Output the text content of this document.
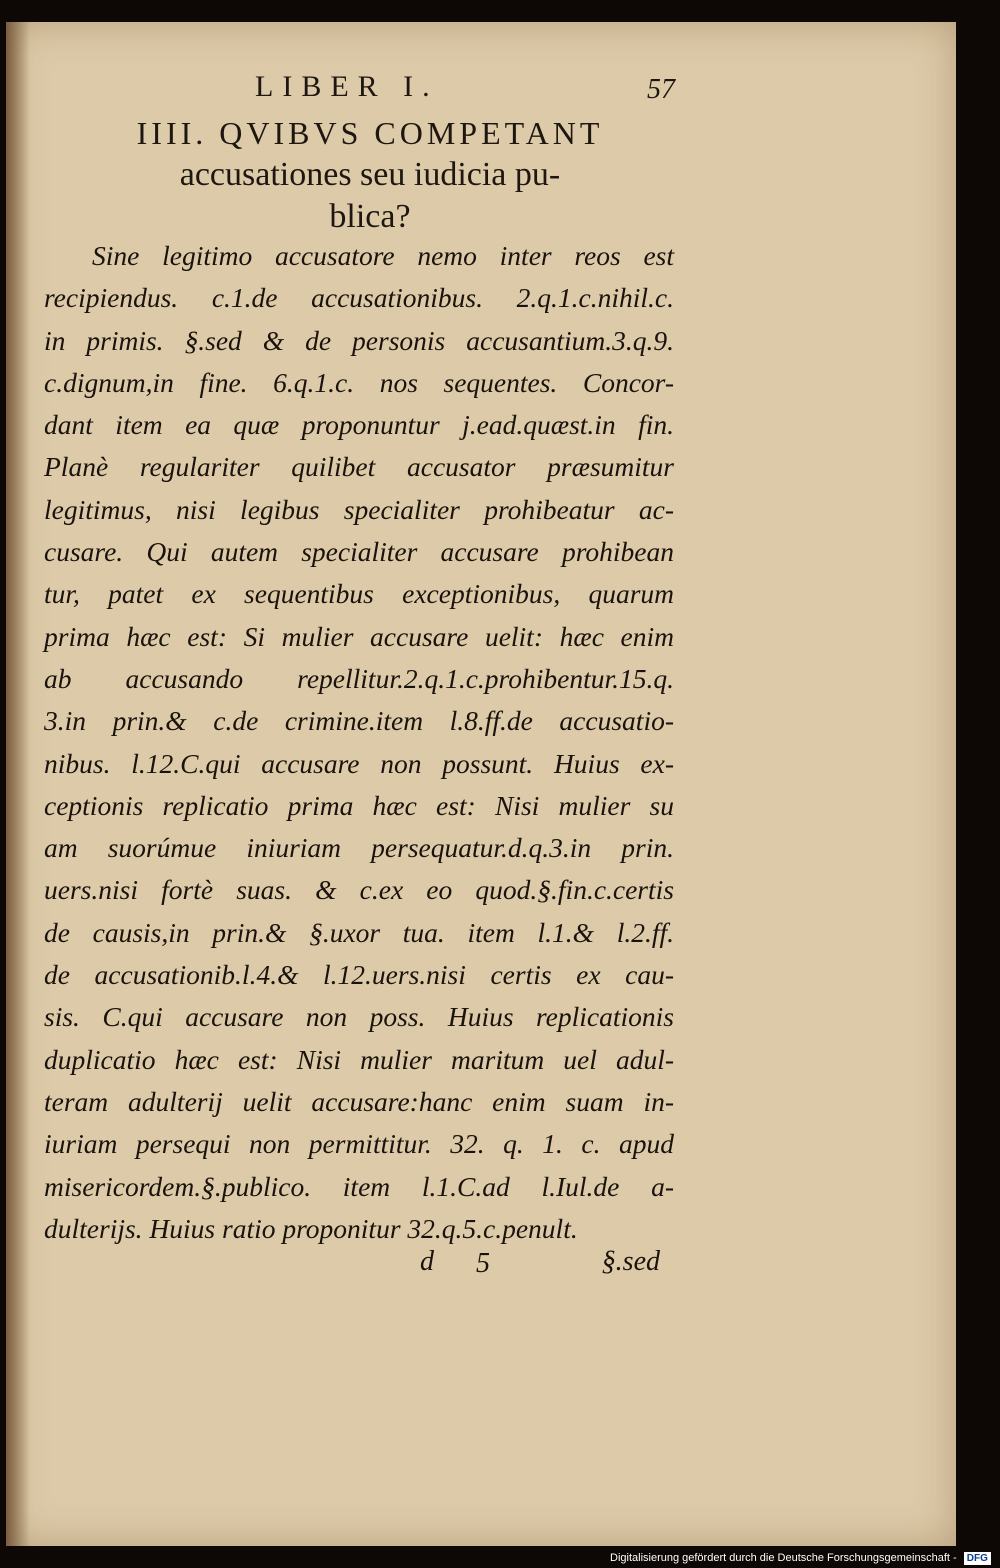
LIBER I.	57
IIII. QVIBVS COMPETANT
accusationes seu iudicia pu-
blica?
Sine legitimo accusatore nemo inter reos est
recipiendus. c.1.de accusationibus. 2.q.1.c.nihil.c.
in primis. §.sed & de personis accusantium.3.q.9.
c.dignum,in fine. 6.q.1.c. nos sequentes. Concor-
dant item ea quæ proponuntur j.ead.quæst.in fin.
Planè regulariter quilibet accusator præsumitur
legitimus, nisi legibus specialiter prohibeatur ac-
cusare. Qui autem specialiter accusare prohibean
tur, patet ex sequentibus exceptionibus, quarum
prima hæc est: Si mulier accusare uelit: hæc enim
ab accusando repellitur.2.q.1.c.prohibentur.15.q.
3.in prin.& c.de crimine.item l.8.ff.de accusatio-
nibus. l.12.C.qui accusare non possunt. Huius ex-
ceptionis replicatio prima hæc est: Nisi mulier su
am suorúmue iniuriam persequatur.d.q.3.in prin.
uers.nisi fortè suas. & c.ex eo quod.§.fin.c.certis
de causis,in prin.& §.uxor tua. item l.1.& l.2.ff.
de accusationib.l.4.& l.12.uers.nisi certis ex cau-
sis. C.qui accusare non poss. Huius replicationis
duplicatio hæc est: Nisi mulier maritum uel adul-
teram adulterij uelit accusare:hanc enim suam in-
iuriam persequi non permittitur. 32. q. 1. c. apud
misericordem.§.publico. item l.1.C.ad l.Iul.de a-
dulterijs. Huius ratio proponitur 32.q.5.c.penult.
d 5	§.sed
Digitalisierung gefördert durch die Deutsche Forschungsgemeinschaft - DFG
